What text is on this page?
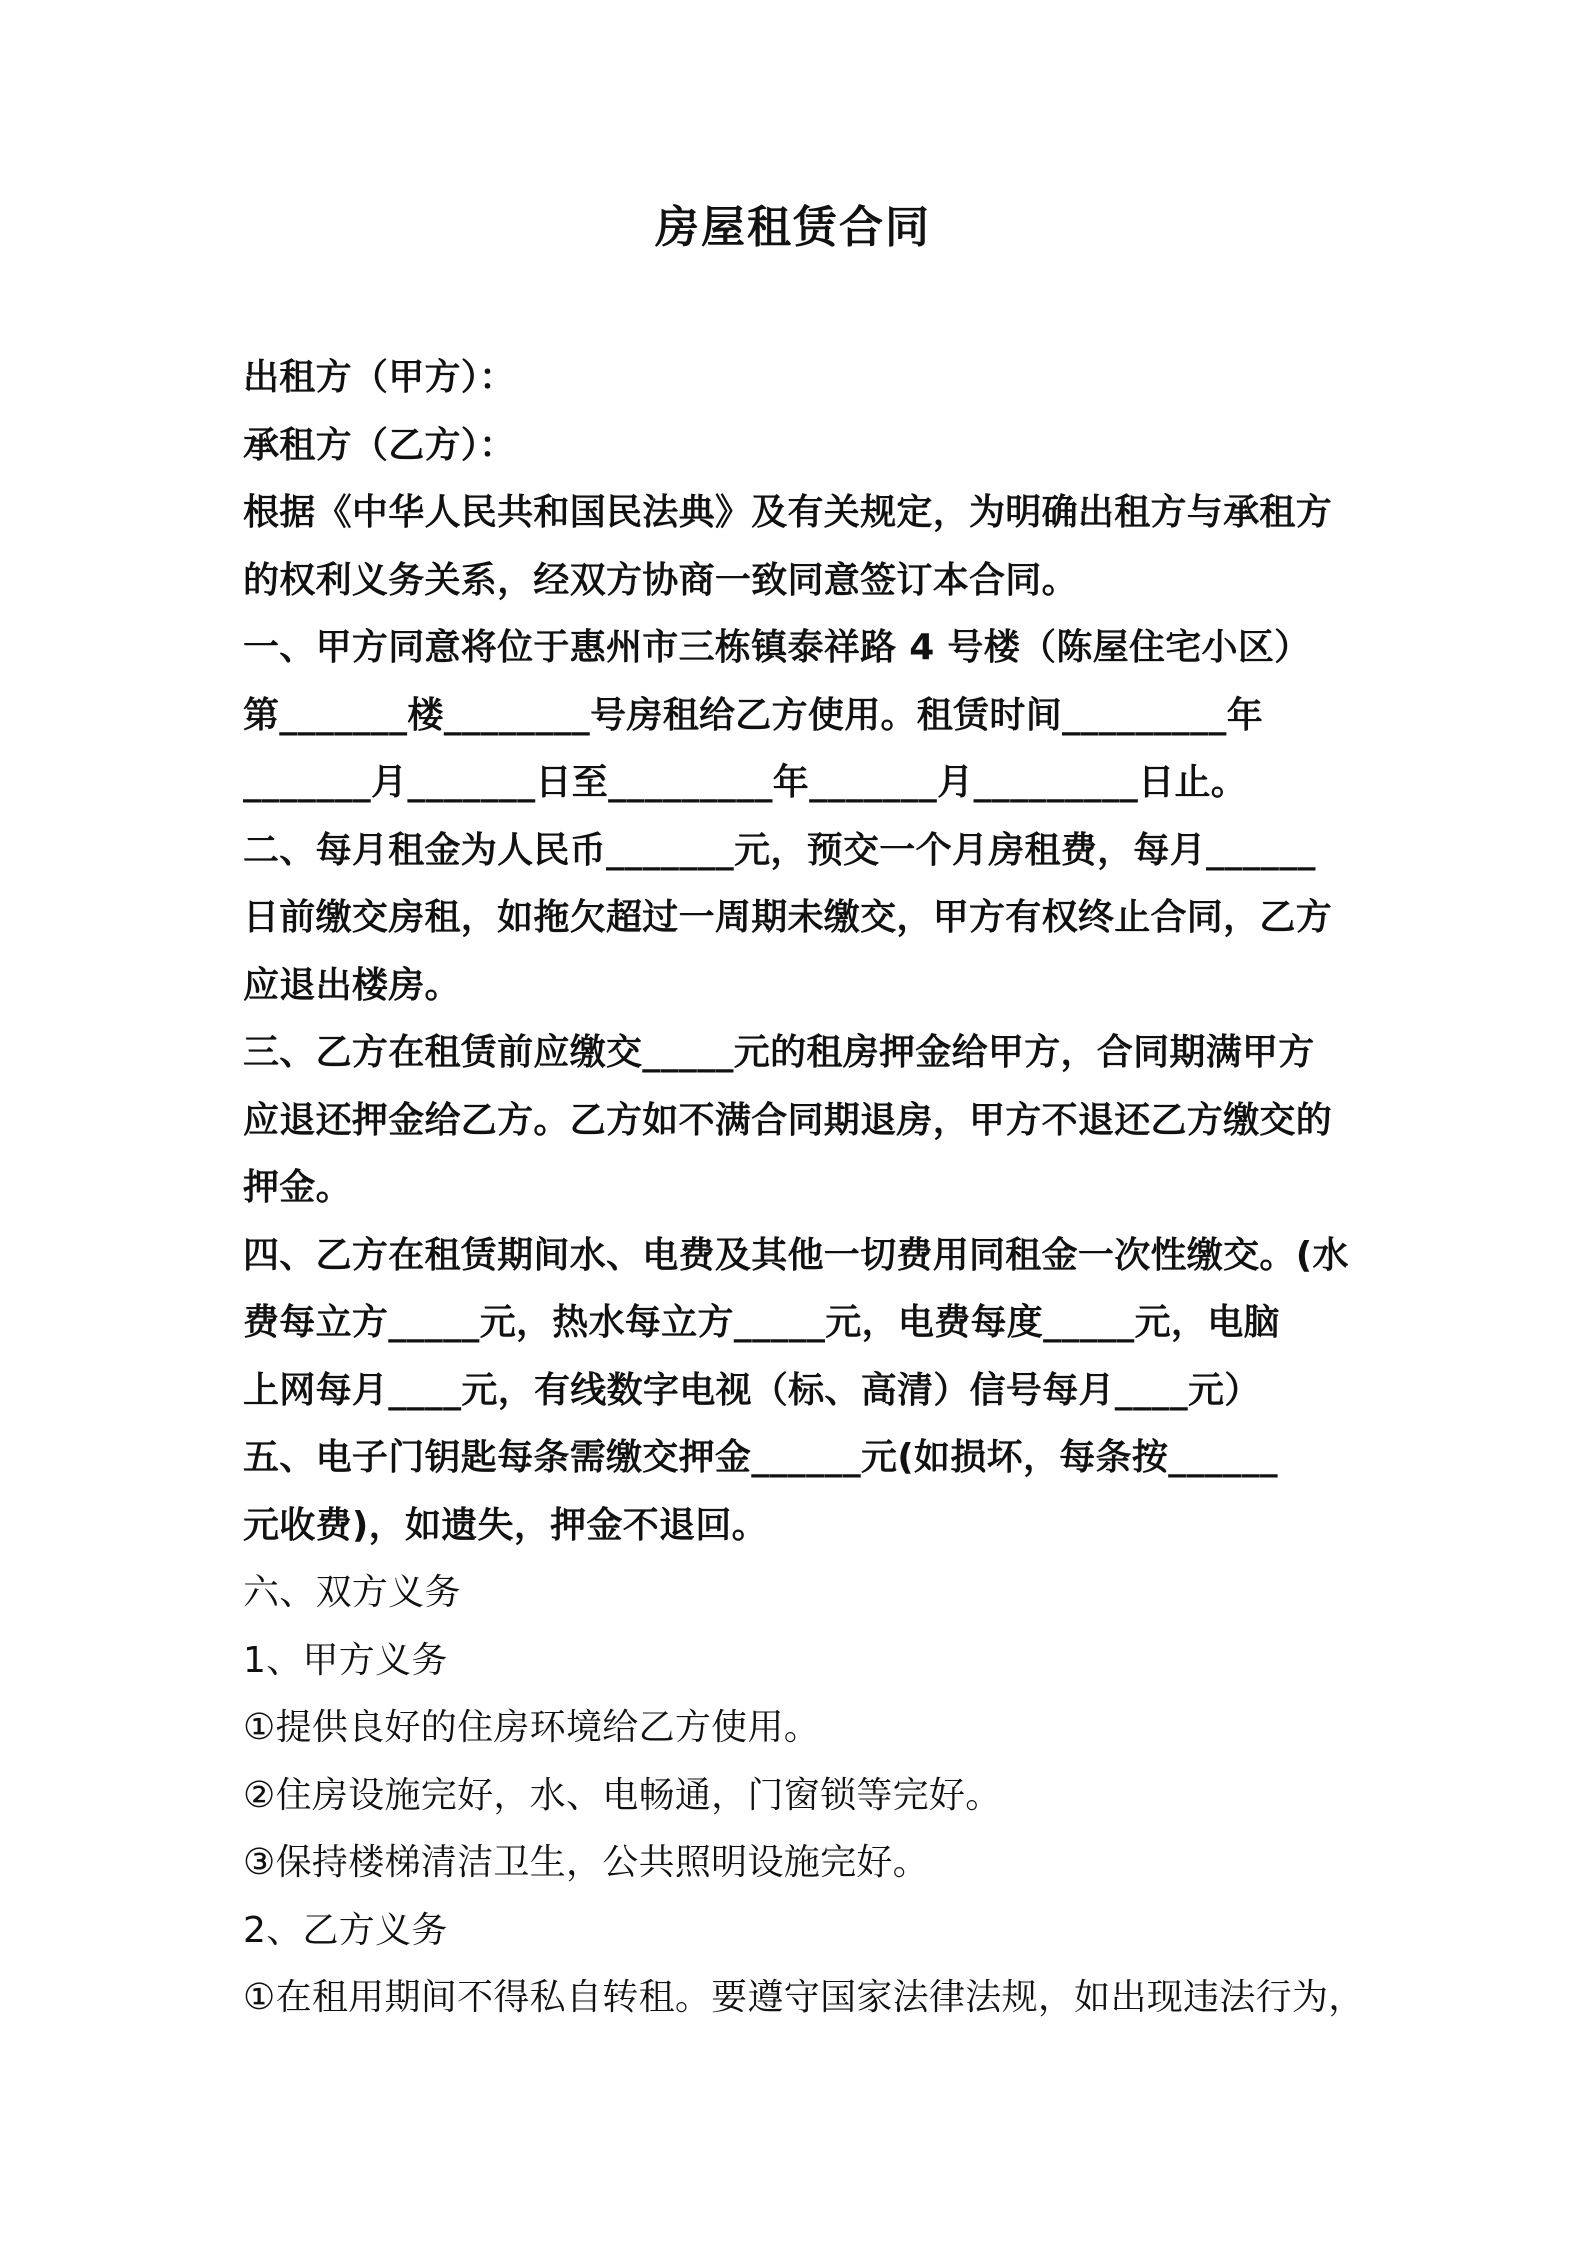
房屋租赁合同
出租方（甲方）：
承租方（乙方）：
根据《中华人民共和国民法典》及有关规定，为明确出租方与承租方
的权利义务关系，经双方协商一致同意签订本合同。
一、甲方同意将位于惠州市三栋镇泰祥路 4 号楼（陈屋住宅小区）
第_______楼________号房租给乙方使用。租赁时间_________年
_______月_______日至_________年_______月_________日止。
二、每月租金为人民币_______元，预交一个月房租费，每月______
日前缴交房租，如拖欠超过一周期未缴交，甲方有权终止合同，乙方
应退出楼房。
三、乙方在租赁前应缴交_____元的租房押金给甲方，合同期满甲方
应退还押金给乙方。乙方如不满合同期退房，甲方不退还乙方缴交的
押金。
四、乙方在租赁期间水、电费及其他一切费用同租金一次性缴交。(水
费每立方_____元，热水每立方_____元，电费每度_____元，电脑
上网每月____元，有线数字电视（标、高清）信号每月____元）
五、电子门钥匙每条需缴交押金______元(如损坏，每条按______
元收费)，如遗失，押金不退回。
六、双方义务
1、甲方义务
①提供良好的住房环境给乙方使用。
②住房设施完好，水、电畅通，门窗锁等完好。
③保持楼梯清洁卫生，公共照明设施完好。
2、乙方义务
①在租用期间不得私自转租。要遵守国家法律法规，如出现违法行为，
